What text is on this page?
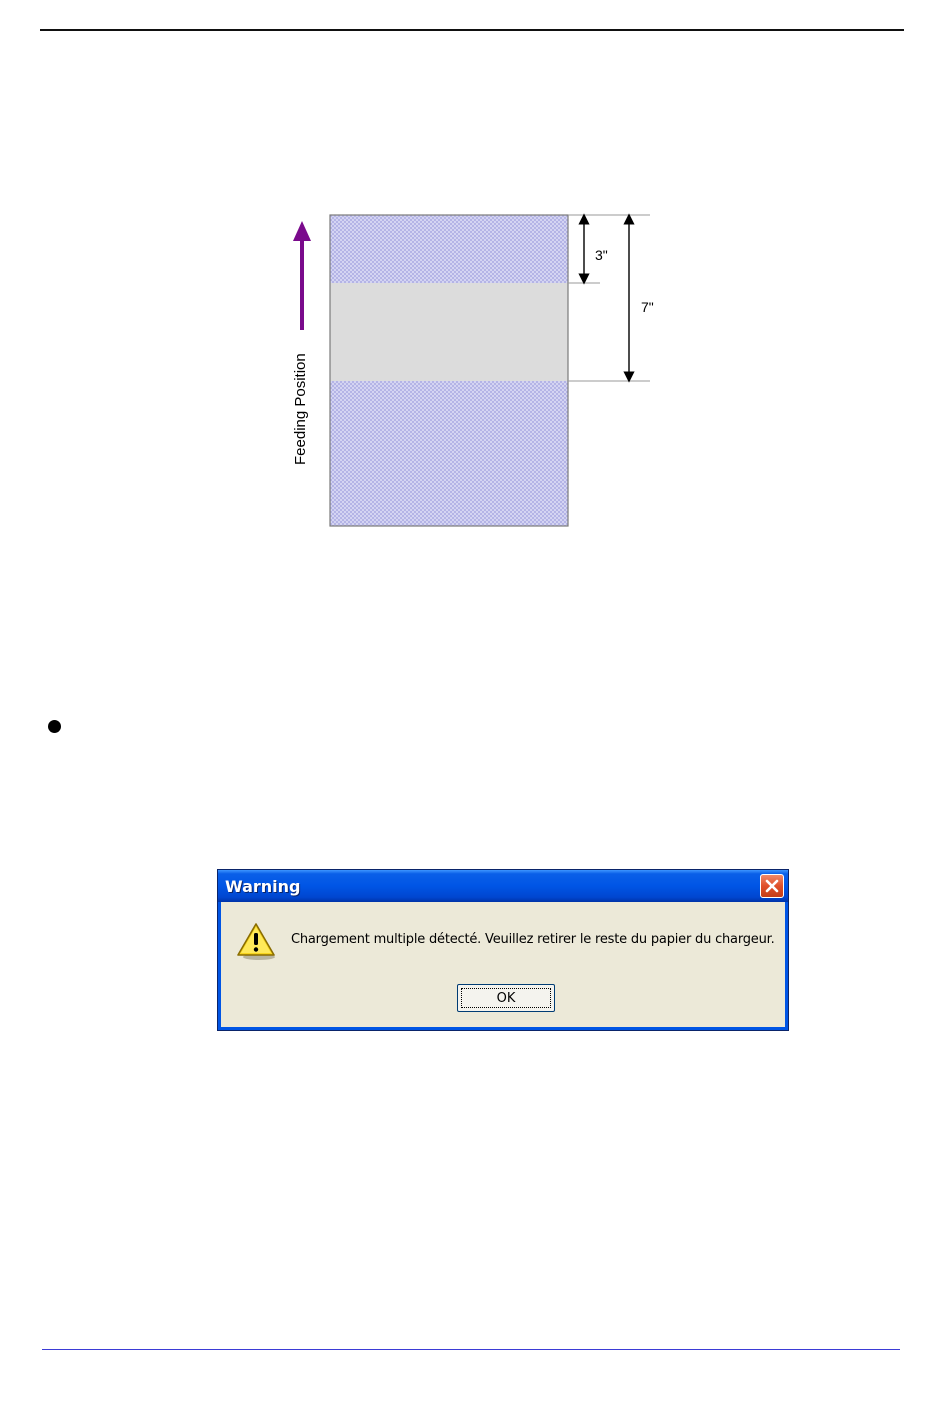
3"
7"
Feeding Position
Warning
Chargement multiple détecté. Veuillez retirer le reste du papier du chargeur.
OK
